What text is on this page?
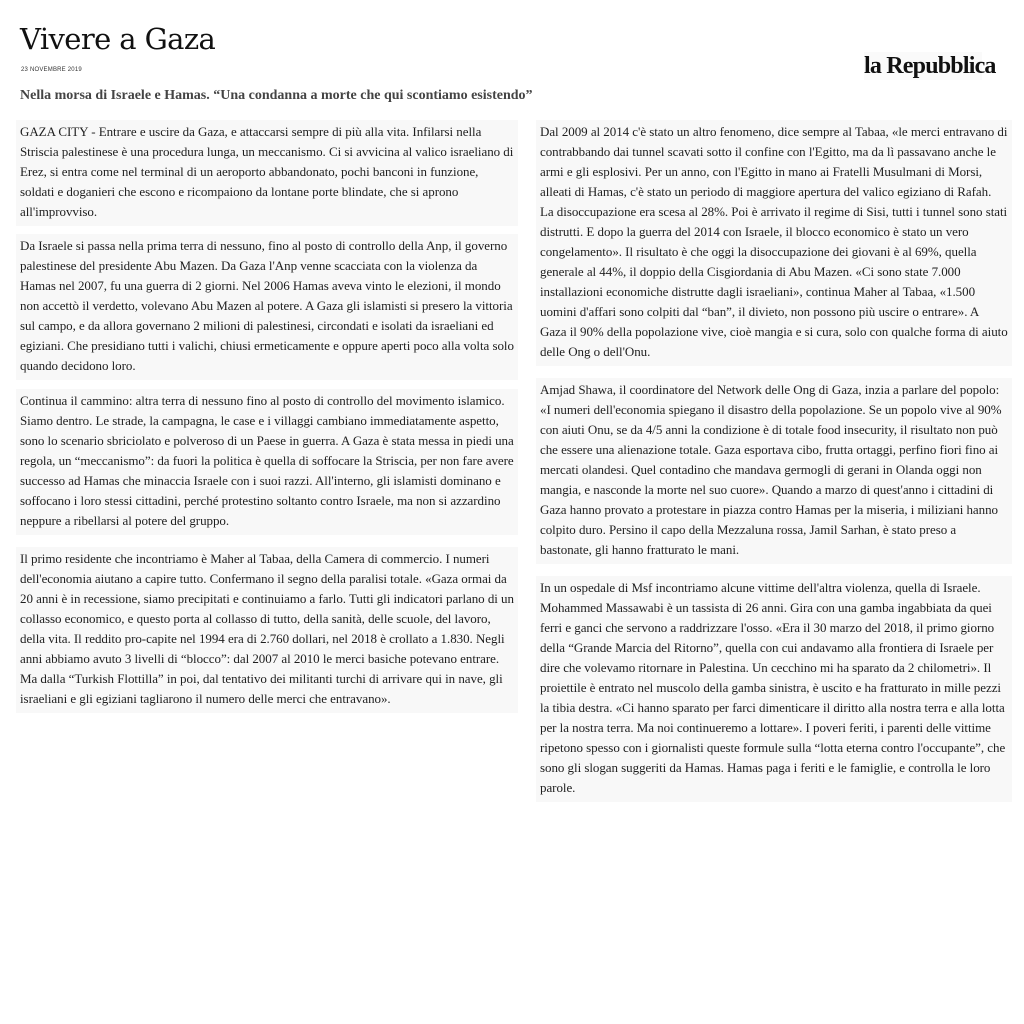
Vivere a Gaza
23 NOVEMBRE 2019	la Repubblica
Nella morsa di Israele e Hamas. “Una condanna a morte che qui scontiamo esistendo”

GAZA CITY - Entrare e uscire da Gaza, e attaccarsi sempre di più alla vita. Infilarsi nella Striscia palestinese è una procedura lunga, un meccanismo. Ci si avvicina al valico israeliano di Erez, si entra come nel terminal di un aeroporto abbandonato, pochi banconi in funzione, soldati e doganieri che escono e ricompaiono da lontane porte blindate, che si aprono all'improvviso.

Da Israele si passa nella prima terra di nessuno, fino al posto di controllo della Anp, il governo palestinese del presidente Abu Mazen. Da Gaza l'Anp venne scacciata con la violenza da Hamas nel 2007, fu una guerra di 2 giorni. Nel 2006 Hamas aveva vinto le elezioni, il mondo non accettò il verdetto, volevano Abu Mazen al potere. A Gaza gli islamisti si presero la vittoria sul campo, e da allora governano 2 milioni di palestinesi, circondati e isolati da israeliani ed egiziani. Che presidiano tutti i valichi, chiusi ermeticamente e oppure aperti poco alla volta solo quando decidono loro.

Continua il cammino: altra terra di nessuno fino al posto di controllo del movimento islamico. Siamo dentro. Le strade, la campagna, le case e i villaggi cambiano immediatamente aspetto, sono lo scenario sbriciolato e polveroso di un Paese in guerra. A Gaza è stata messa in piedi una regola, un “meccanismo”: da fuori la politica è quella di soffocare la Striscia, per non fare avere successo ad Hamas che minaccia Israele con i suoi razzi. All'interno, gli islamisti dominano e soffocano i loro stessi cittadini, perché protestino soltanto contro Israele, ma non si azzardino neppure a ribellarsi al potere del gruppo.

Il primo residente che incontriamo è Maher al Tabaa, della Camera di commercio. I numeri dell'economia aiutano a capire tutto. Confermano il segno della paralisi totale. «Gaza ormai da 20 anni è in recessione, siamo precipitati e continuiamo a farlo. Tutti gli indicatori parlano di un collasso economico, e questo porta al collasso di tutto, della sanità, delle scuole, del lavoro, della vita. Il reddito pro-capite nel 1994 era di 2.760 dollari, nel 2018 è crollato a 1.830. Negli anni abbiamo avuto 3 livelli di “blocco”: dal 2007 al 2010 le merci basiche potevano entrare. Ma dalla “Turkish Flottilla” in poi, dal tentativo dei militanti turchi di arrivare qui in nave, gli israeliani e gli egiziani tagliarono il numero delle merci che entravano».

Dal 2009 al 2014 c'è stato un altro fenomeno, dice sempre al Tabaa, «le merci entravano di contrabbando dai tunnel scavati sotto il confine con l'Egitto, ma da lì passavano anche le armi e gli esplosivi. Per un anno, con l'Egitto in mano ai Fratelli Musulmani di Morsi, alleati di Hamas, c'è stato un periodo di maggiore apertura del valico egiziano di Rafah. La disoccupazione era scesa al 28%. Poi è arrivato il regime di Sisi, tutti i tunnel sono stati distrutti. E dopo la guerra del 2014 con Israele, il blocco economico è stato un vero congelamento». Il risultato è che oggi la disoccupazione dei giovani è al 69%, quella generale al 44%, il doppio della Cisgiordania di Abu Mazen. «Ci sono state 7.000 installazioni economiche distrutte dagli israeliani», continua Maher al Tabaa, «1.500 uomini d'affari sono colpiti dal “ban”, il divieto, non possono più uscire o entrare». A Gaza il 90% della popolazione vive, cioè mangia e si cura, solo con qualche forma di aiuto delle Ong o dell'Onu.

Amjad Shawa, il coordinatore del Network delle Ong di Gaza, inzia a parlare del popolo: «I numeri dell'economia spiegano il disastro della popolazione. Se un popolo vive al 90% con aiuti Onu, se da 4/5 anni la condizione è di totale food insecurity, il risultato non può che essere una alienazione totale. Gaza esportava cibo, frutta ortaggi, perfino fiori fino ai mercati olandesi. Quel contadino che mandava germogli di gerani in Olanda oggi non mangia, e nasconde la morte nel suo cuore». Quando a marzo di quest'anno i cittadini di Gaza hanno provato a protestare in piazza contro Hamas per la miseria, i miliziani hanno colpito duro. Persino il capo della Mezzaluna rossa, Jamil Sarhan, è stato preso a bastonate, gli hanno fratturato le mani.

In un ospedale di Msf incontriamo alcune vittime dell'altra violenza, quella di Israele. Mohammed Massawabi è un tassista di 26 anni. Gira con una gamba ingabbiata da quei ferri e ganci che servono a raddrizzare l'osso. «Era il 30 marzo del 2018, il primo giorno della “Grande Marcia del Ritorno”, quella con cui andavamo alla frontiera di Israele per dire che volevamo ritornare in Palestina. Un cecchino mi ha sparato da 2 chilometri». Il proiettile è entrato nel muscolo della gamba sinistra, è uscito e ha fratturato in mille pezzi la tibia destra. «Ci hanno sparato per farci dimenticare il diritto alla nostra terra e alla lotta per la nostra terra. Ma noi continueremo a lottare». I poveri feriti, i parenti delle vittime ripetono spesso con i giornalisti queste formule sulla “lotta eterna contro l'occupante”, che sono gli slogan suggeriti da Hamas. Hamas paga i feriti e le famiglie, e controlla le loro parole.
